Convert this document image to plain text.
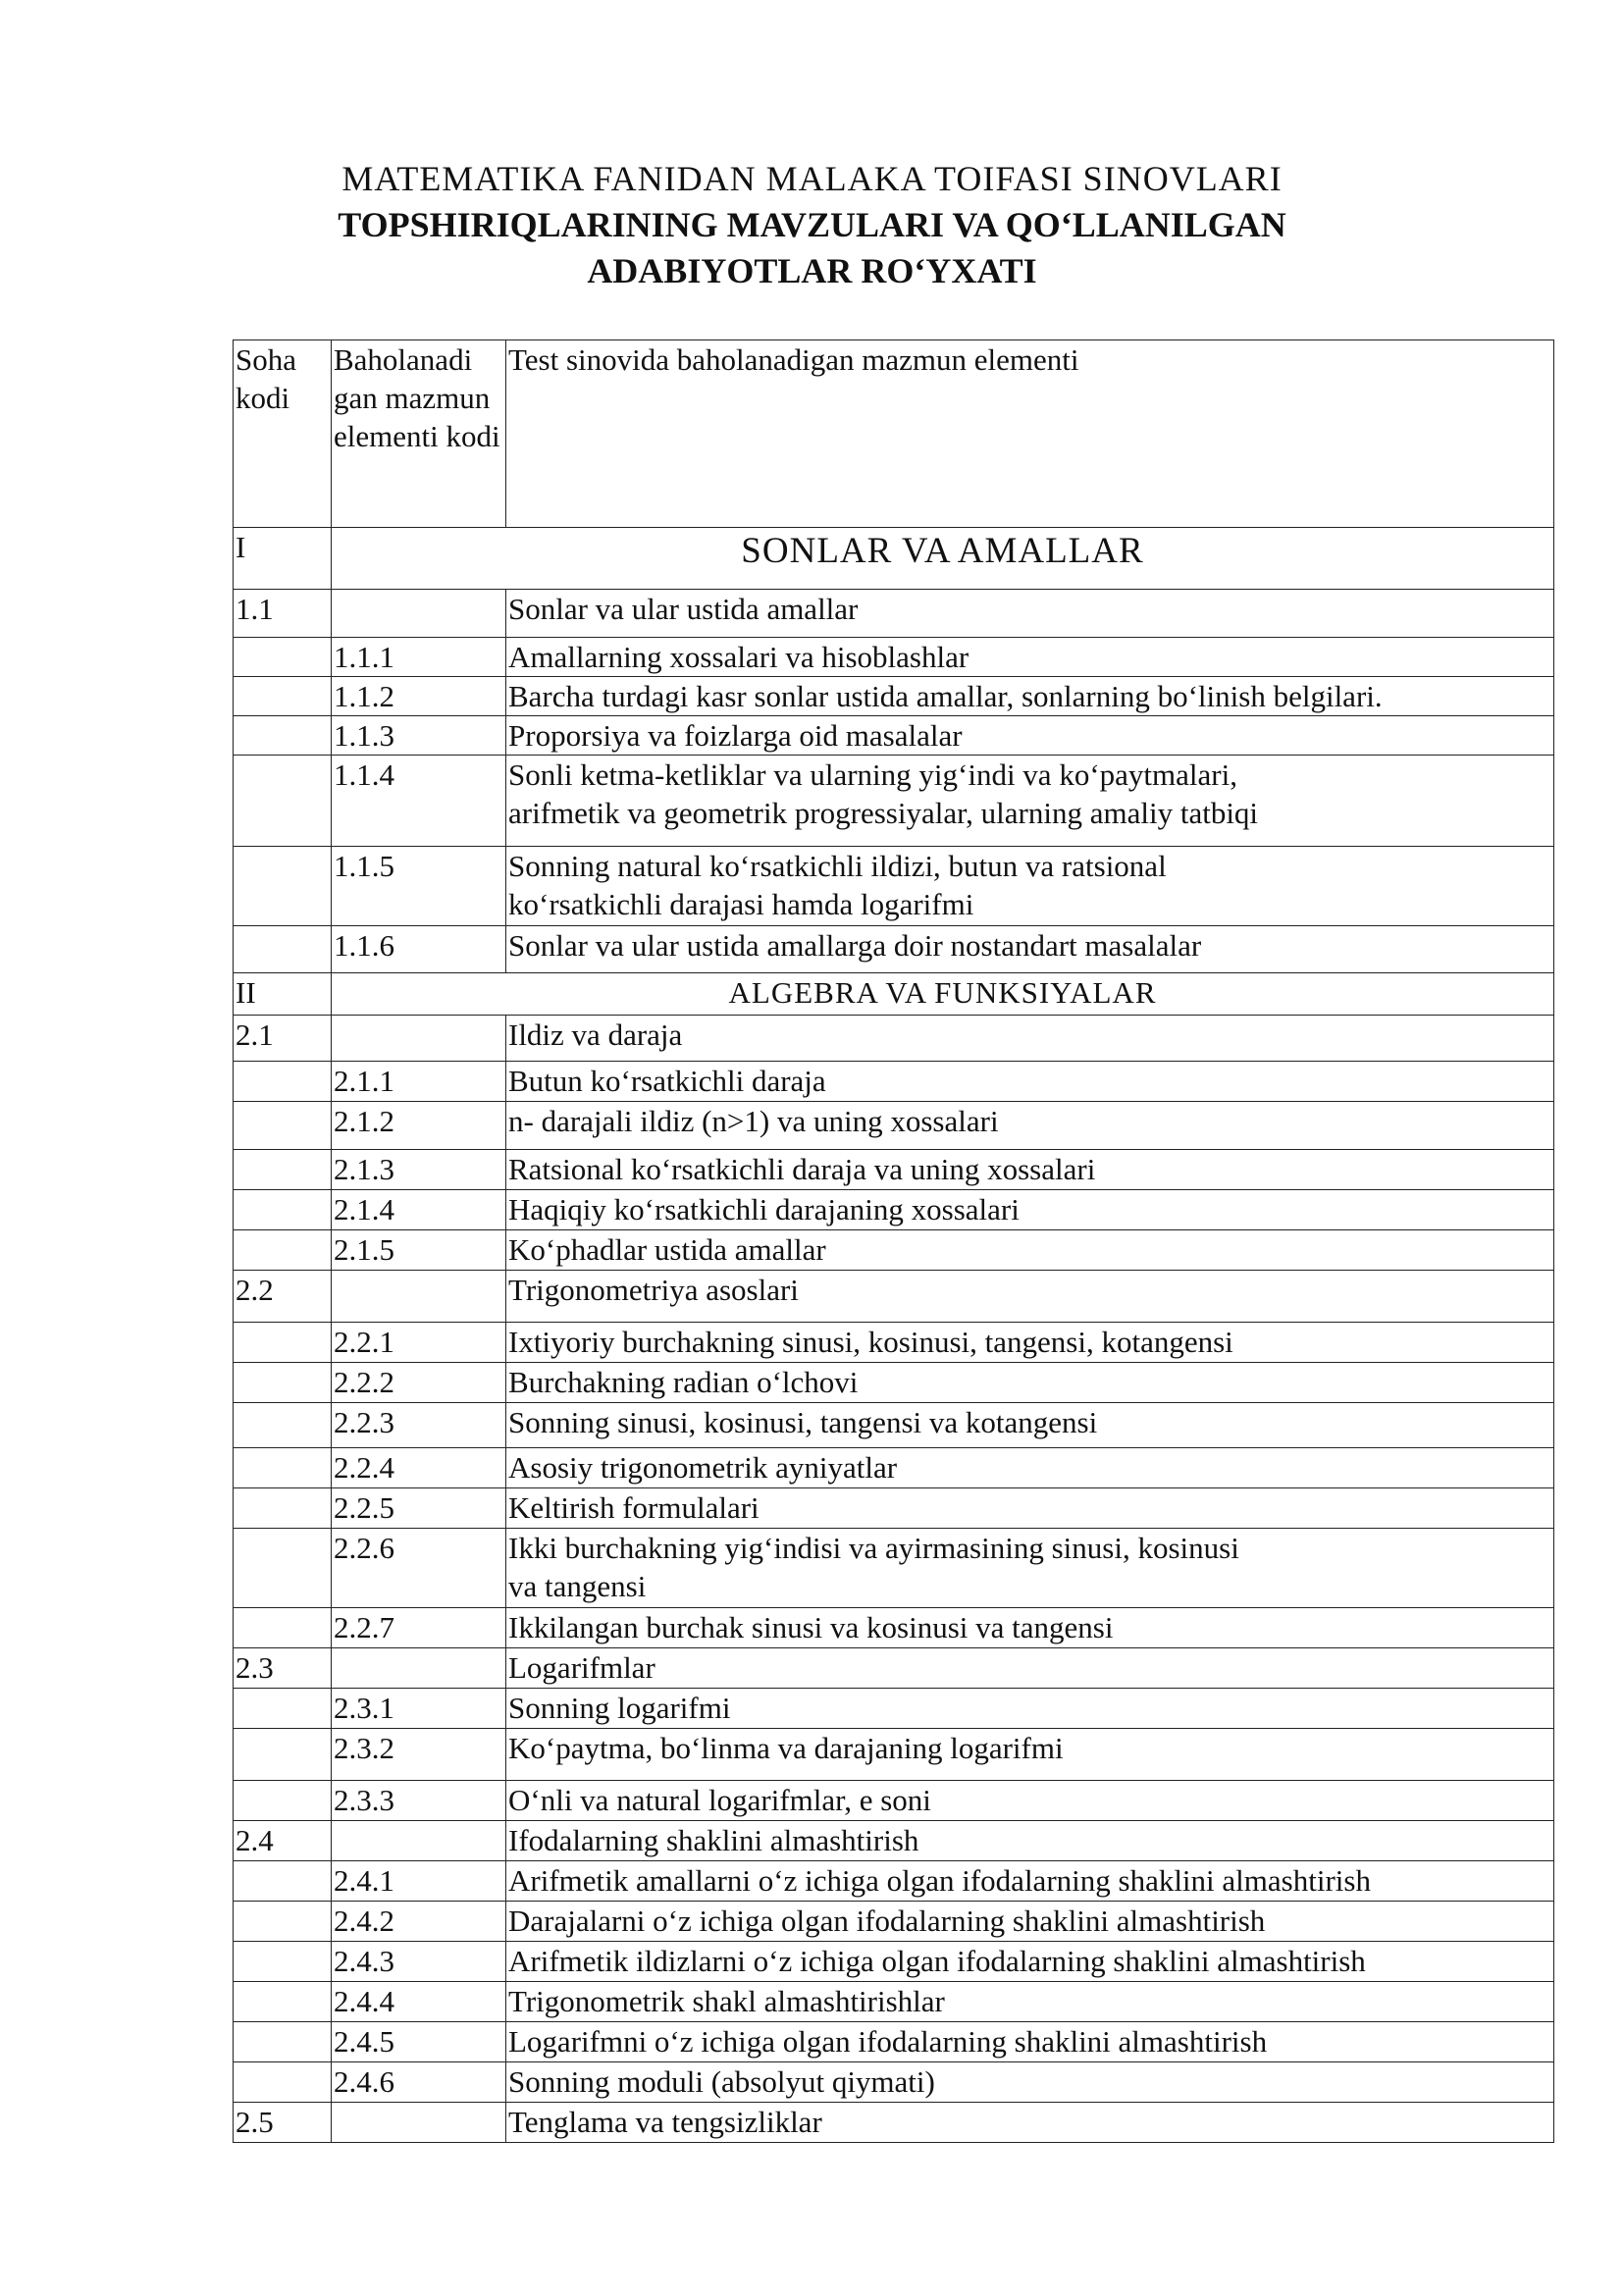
MATEMATIKA FANIDAN MALAKA TOIFASI SINOVLARI
TOPSHIRIQLARINING MAVZULARI VA QO‘LLANILGAN
ADABIYOTLAR RO‘YXATI
Soha kodi	Baholanadi gan mazmun elementi kodi	Test sinovida baholanadigan mazmun elementi
I	SONLAR VA AMALLAR	
1.1		Sonlar va ular ustida amallar

	1.1.1	Amallarning xossalari va hisoblashlar

	1.1.2	Barcha turdagi kasr sonlar ustida amallar, sonlarning bo‘linish belgilari.

	1.1.3	Proporsiya va foizlarga oid masalalar

	1.1.4	Sonli ketma-ketliklar va ularning yig‘indi va ko‘paytmalari,
arifmetik va geometrik progressiyalar, ularning amaliy tatbiqi

	1.1.5	Sonning natural ko‘rsatkichli ildizi, butun va ratsional
ko‘rsatkichli darajasi hamda logarifmi

	1.1.6	Sonlar va ular ustida amallarga doir nostandart masalalar

II	ALGEBRA VA FUNKSIYALAR	
2.1		Ildiz va daraja

	2.1.1	Butun ko‘rsatkichli daraja

	2.1.2	n- darajali ildiz (n>1) va uning xossalari

	2.1.3	Ratsional ko‘rsatkichli daraja va uning xossalari

	2.1.4	Haqiqiy ko‘rsatkichli darajaning xossalari

	2.1.5	Ko‘phadlar ustida amallar

2.2		Trigonometriya asoslari

	2.2.1	Ixtiyoriy burchakning sinusi, kosinusi, tangensi, kotangensi

	2.2.2	Burchakning radian o‘lchovi

	2.2.3	Sonning sinusi, kosinusi, tangensi va kotangensi

	2.2.4	Asosiy trigonometrik ayniyatlar

	2.2.5	Keltirish formulalari

	2.2.6	Ikki burchakning yig‘indisi va ayirmasining sinusi, kosinusi
va tangensi

	2.2.7	Ikkilangan burchak sinusi va kosinusi va tangensi

2.3		Logarifmlar

	2.3.1	Sonning logarifmi

	2.3.2	Ko‘paytma, bo‘linma va darajaning logarifmi

	2.3.3	O‘nli va natural logarifmlar, e soni

2.4		Ifodalarning shaklini almashtirish

	2.4.1	Arifmetik amallarni o‘z ichiga olgan ifodalarning shaklini almashtirish

	2.4.2	Darajalarni o‘z ichiga olgan ifodalarning shaklini almashtirish

	2.4.3	Arifmetik ildizlarni o‘z ichiga olgan ifodalarning shaklini almashtirish

	2.4.4	Trigonometrik shakl almashtirishlar

	2.4.5	Logarifmni o‘z ichiga olgan ifodalarning shaklini almashtirish

	2.4.6	Sonning moduli (absolyut qiymati)

2.5		Tenglama va tengsizliklar
